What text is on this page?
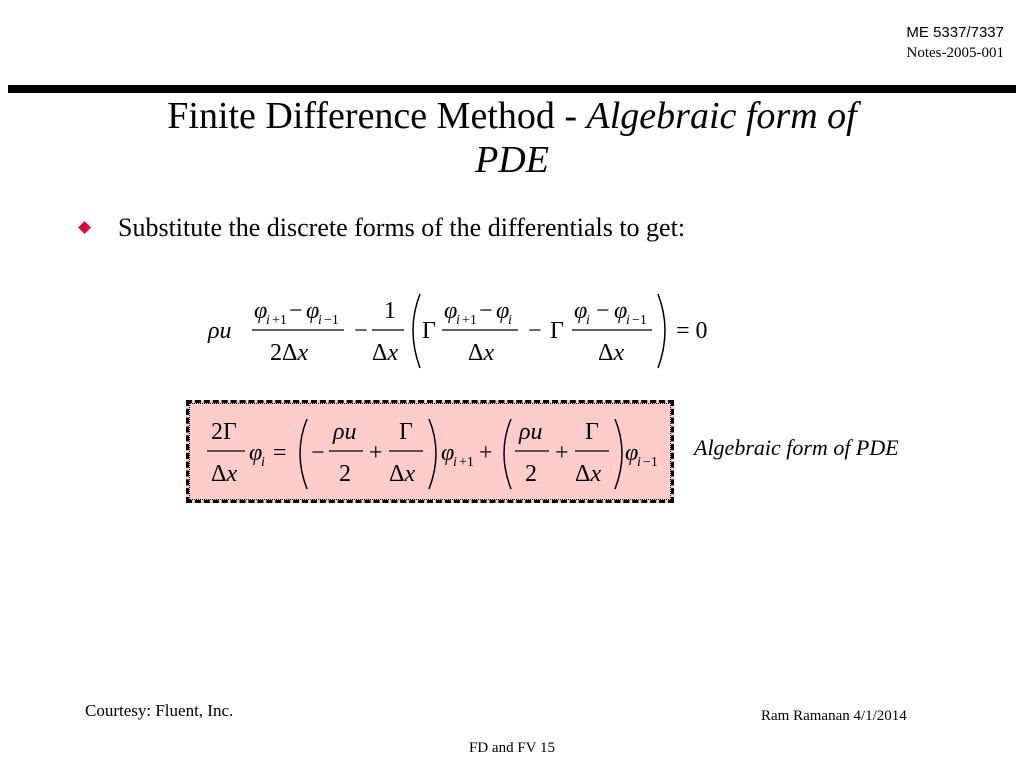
ME 5337/7337
Notes-2005-001
Finite Difference Method - Algebraic form of
PDE
Substitute the discrete forms of the differentials to get:
ρu
φ
i +1 − φ
i −1
2Δx
−
1
Δx
Γ
φ
i +1 − φ
i
Δx
− Γ
φ
i − φ
i −1
Δx
= 0
2Γ
Δx
φ
i = −
ρu
2
+
Γ
Δx
φ
i +1 +
ρu
2
+
Γ
Δx
φ
i −1
Algebraic form of PDE
Courtesy: Fluent, Inc.	Ram Ramanan 4/1/2014
FD and FV 15
